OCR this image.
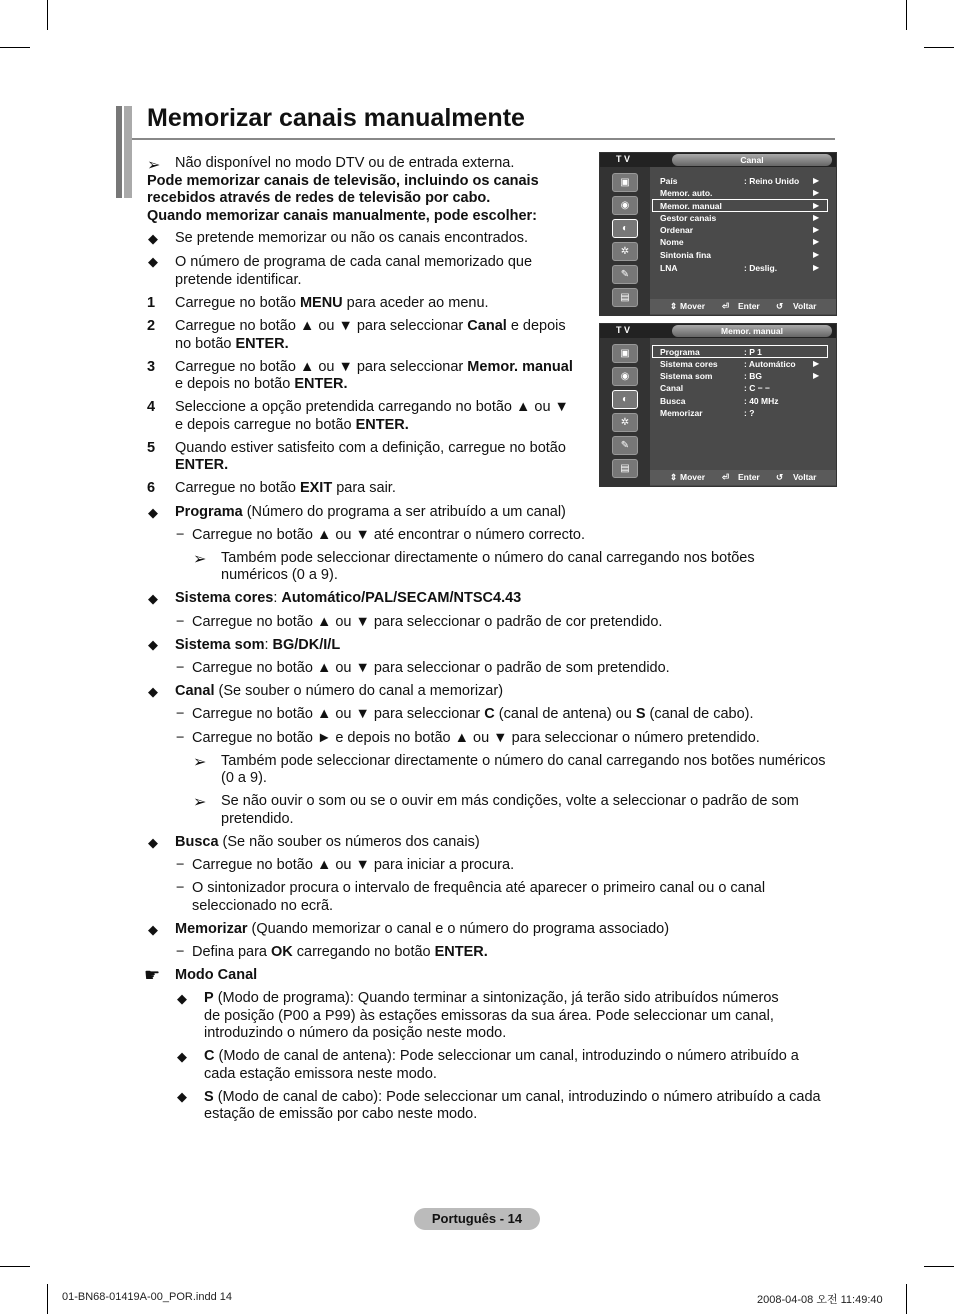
Memorizar canais manualmente
➢ Não disponível no modo DTV ou de entrada externa.

Pode memorizar canais de televisão, incluindo os canais

recebidos através de redes de televisão por cabo.

Quando memorizar canais manualmente, pode escolher:

◆ Se pretende memorizar ou não os canais encontrados.

◆ O número de programa de cada canal memorizado que

pretende identificar.

1 Carregue no botão MENU para aceder ao menu.

2 Carregue no botão ▲ ou ▼ para seleccionar Canal e depois

no botão ENTER.

3 Carregue no botão ▲ ou ▼ para seleccionar Memor. manual

e depois no botão ENTER.

4 Seleccione a opção pretendida carregando no botão ▲ ou ▼

e depois carregue no botão ENTER.

5 Quando estiver satisfeito com a definição, carregue no botão

ENTER.

6 Carregue no botão EXIT para sair.

◆ Programa (Número do programa a ser atribuído a um canal)

− Carregue no botão ▲ ou ▼ até encontrar o número correcto.

➢ Também pode seleccionar directamente o número do canal carregando nos botões

numéricos (0 a 9).

◆ Sistema cores: Automático/PAL/SECAM/NTSC4.43

− Carregue no botão ▲ ou ▼ para seleccionar o padrão de cor pretendido.

◆ Sistema som: BG/DK/I/L

− Carregue no botão ▲ ou ▼ para seleccionar o padrão de som pretendido.

◆ Canal (Se souber o número do canal a memorizar)

− Carregue no botão ▲ ou ▼ para seleccionar C (canal de antena) ou S (canal de cabo).

− Carregue no botão ► e depois no botão ▲ ou ▼ para seleccionar o número pretendido.

➢ Também pode seleccionar directamente o número do canal carregando nos botões numéricos

(0 a 9).

➢ Se não ouvir o som ou se o ouvir em más condições, volte a seleccionar o padrão de som

pretendido.

◆ Busca (Se não souber os números dos canais)

− Carregue no botão ▲ ou ▼ para iniciar a procura.

− O sintonizador procura o intervalo de frequência até aparecer o primeiro canal ou o canal

seleccionado no ecrã.

◆ Memorizar (Quando memorizar o canal e o número do programa associado)

− Defina para OK carregando no botão ENTER.

☛ Modo Canal

◆ P (Modo de programa): Quando terminar a sintonização, já terão sido atribuídos números

de posição (P00 a P99) às estações emissoras da sua área. Pode seleccionar um canal,

introduzindo o número da posição neste modo.

◆ C (Modo de canal de antena): Pode seleccionar um canal, introduzindo o número atribuído a

cada estação emissora neste modo.

◆ S (Modo de canal de cabo): Pode seleccionar um canal, introduzindo o número atribuído a cada

estação de emissão por cabo neste modo.

T V	Canal
▣
◉
◐
✲
✎
▤
País	: Reino Unido ▶
Memor. auto.	▶
Memor. manual	▶
Gestor canais	▶
Ordenar	▶
Nome	▶
Sintonia fina	▶
LNA	: Deslig.	▶
⇕ Mover ⏎ Enter ↺ Voltar
T V	Memor. manual
▣
◉
◐
✲
✎
▤
Programa	: P 1
Sistema cores	: Automático ▶
Sistema som	: BG	▶
Canal	: C − −
Busca	: 40 MHz
Memorizar	: ?
⇕ Mover ⏎ Enter ↺ Voltar
Português - 14
01-BN68-01419A-00_POR.indd 14	2008-04-08 오전 11:49:40
